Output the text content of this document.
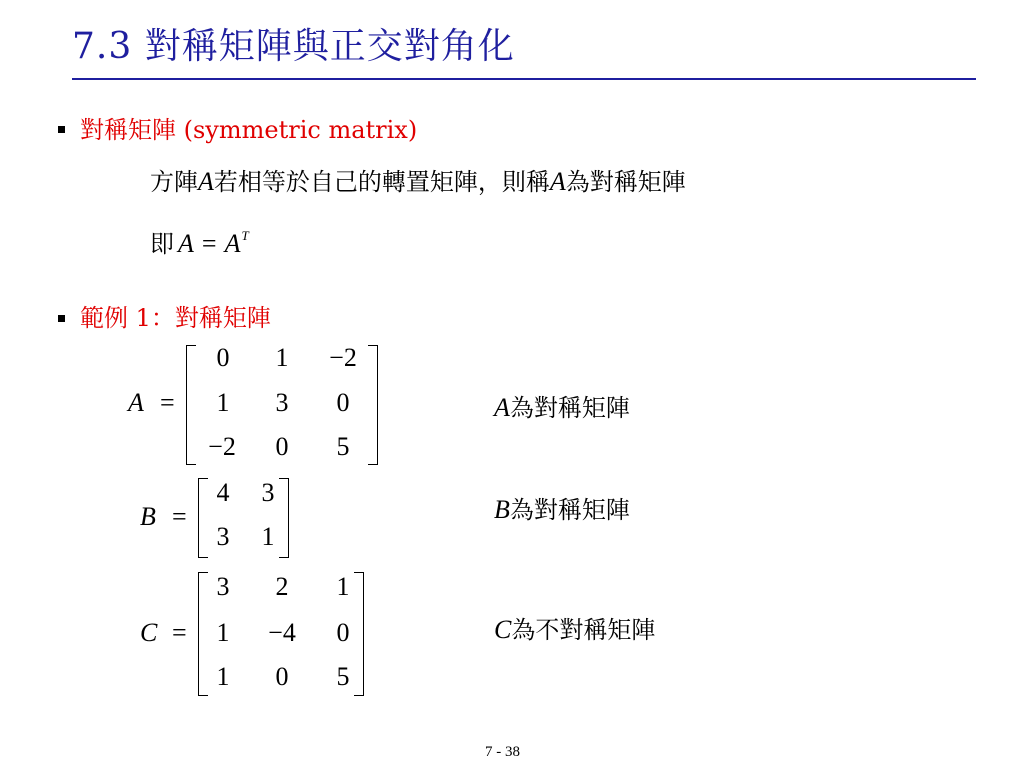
7.3 對稱矩陣與正交對角化
對稱矩陣 (symmetric matrix)
方陣A若相等於自己的轉置矩陣，則稱A為對稱矩陣
即 $A = A^T$
範例 1：對稱矩陣
A =
0	1	−2
1	3	0
−2	0	5
A為對稱矩陣
B =
4	3
3	1
B為對稱矩陣
C =
3	2	1
1	−4	0
1	0	5
C為不對稱矩陣
7 - 38
